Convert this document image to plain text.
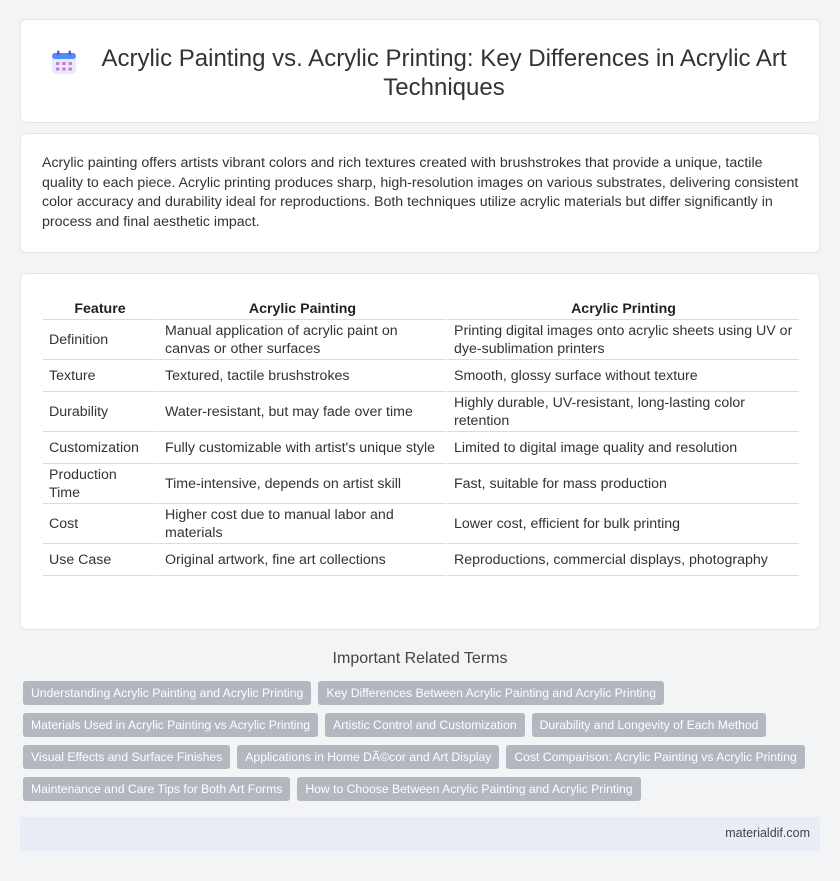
Acrylic Painting vs. Acrylic Printing: Key Differences in Acrylic Art Techniques

Acrylic painting offers artists vibrant colors and rich textures created with brushstrokes that provide a unique, tactile quality to each piece. Acrylic printing produces sharp, high-resolution images on various substrates, delivering consistent color accuracy and durability ideal for reproductions. Both techniques utilize acrylic materials but differ significantly in process and final aesthetic impact.

Feature	Acrylic Painting	Acrylic Printing
Definition	Manual application of acrylic paint on canvas or other surfaces	Printing digital images onto acrylic sheets using UV or dye-sublimation printers
Texture	Textured, tactile brushstrokes	Smooth, glossy surface without texture
Durability	Water-resistant, but may fade over time	Highly durable, UV-resistant, long-lasting color retention
Customization	Fully customizable with artist's unique style	Limited to digital image quality and resolution
Production Time	Time-intensive, depends on artist skill	Fast, suitable for mass production
Cost	Higher cost due to manual labor and materials	Lower cost, efficient for bulk printing
Use Case	Original artwork, fine art collections	Reproductions, commercial displays, photography
Important Related Terms
Understanding Acrylic Painting and Acrylic Printing	Key Differences Between Acrylic Painting and Acrylic Printing
Materials Used in Acrylic Painting vs Acrylic Printing	Artistic Control and Customization	Durability and Longevity of Each Method
Visual Effects and Surface Finishes	Applications in Home DÃ©cor and Art Display	Cost Comparison: Acrylic Painting vs Acrylic Printing
Maintenance and Care Tips for Both Art Forms	How to Choose Between Acrylic Painting and Acrylic Printing
materialdif.com
